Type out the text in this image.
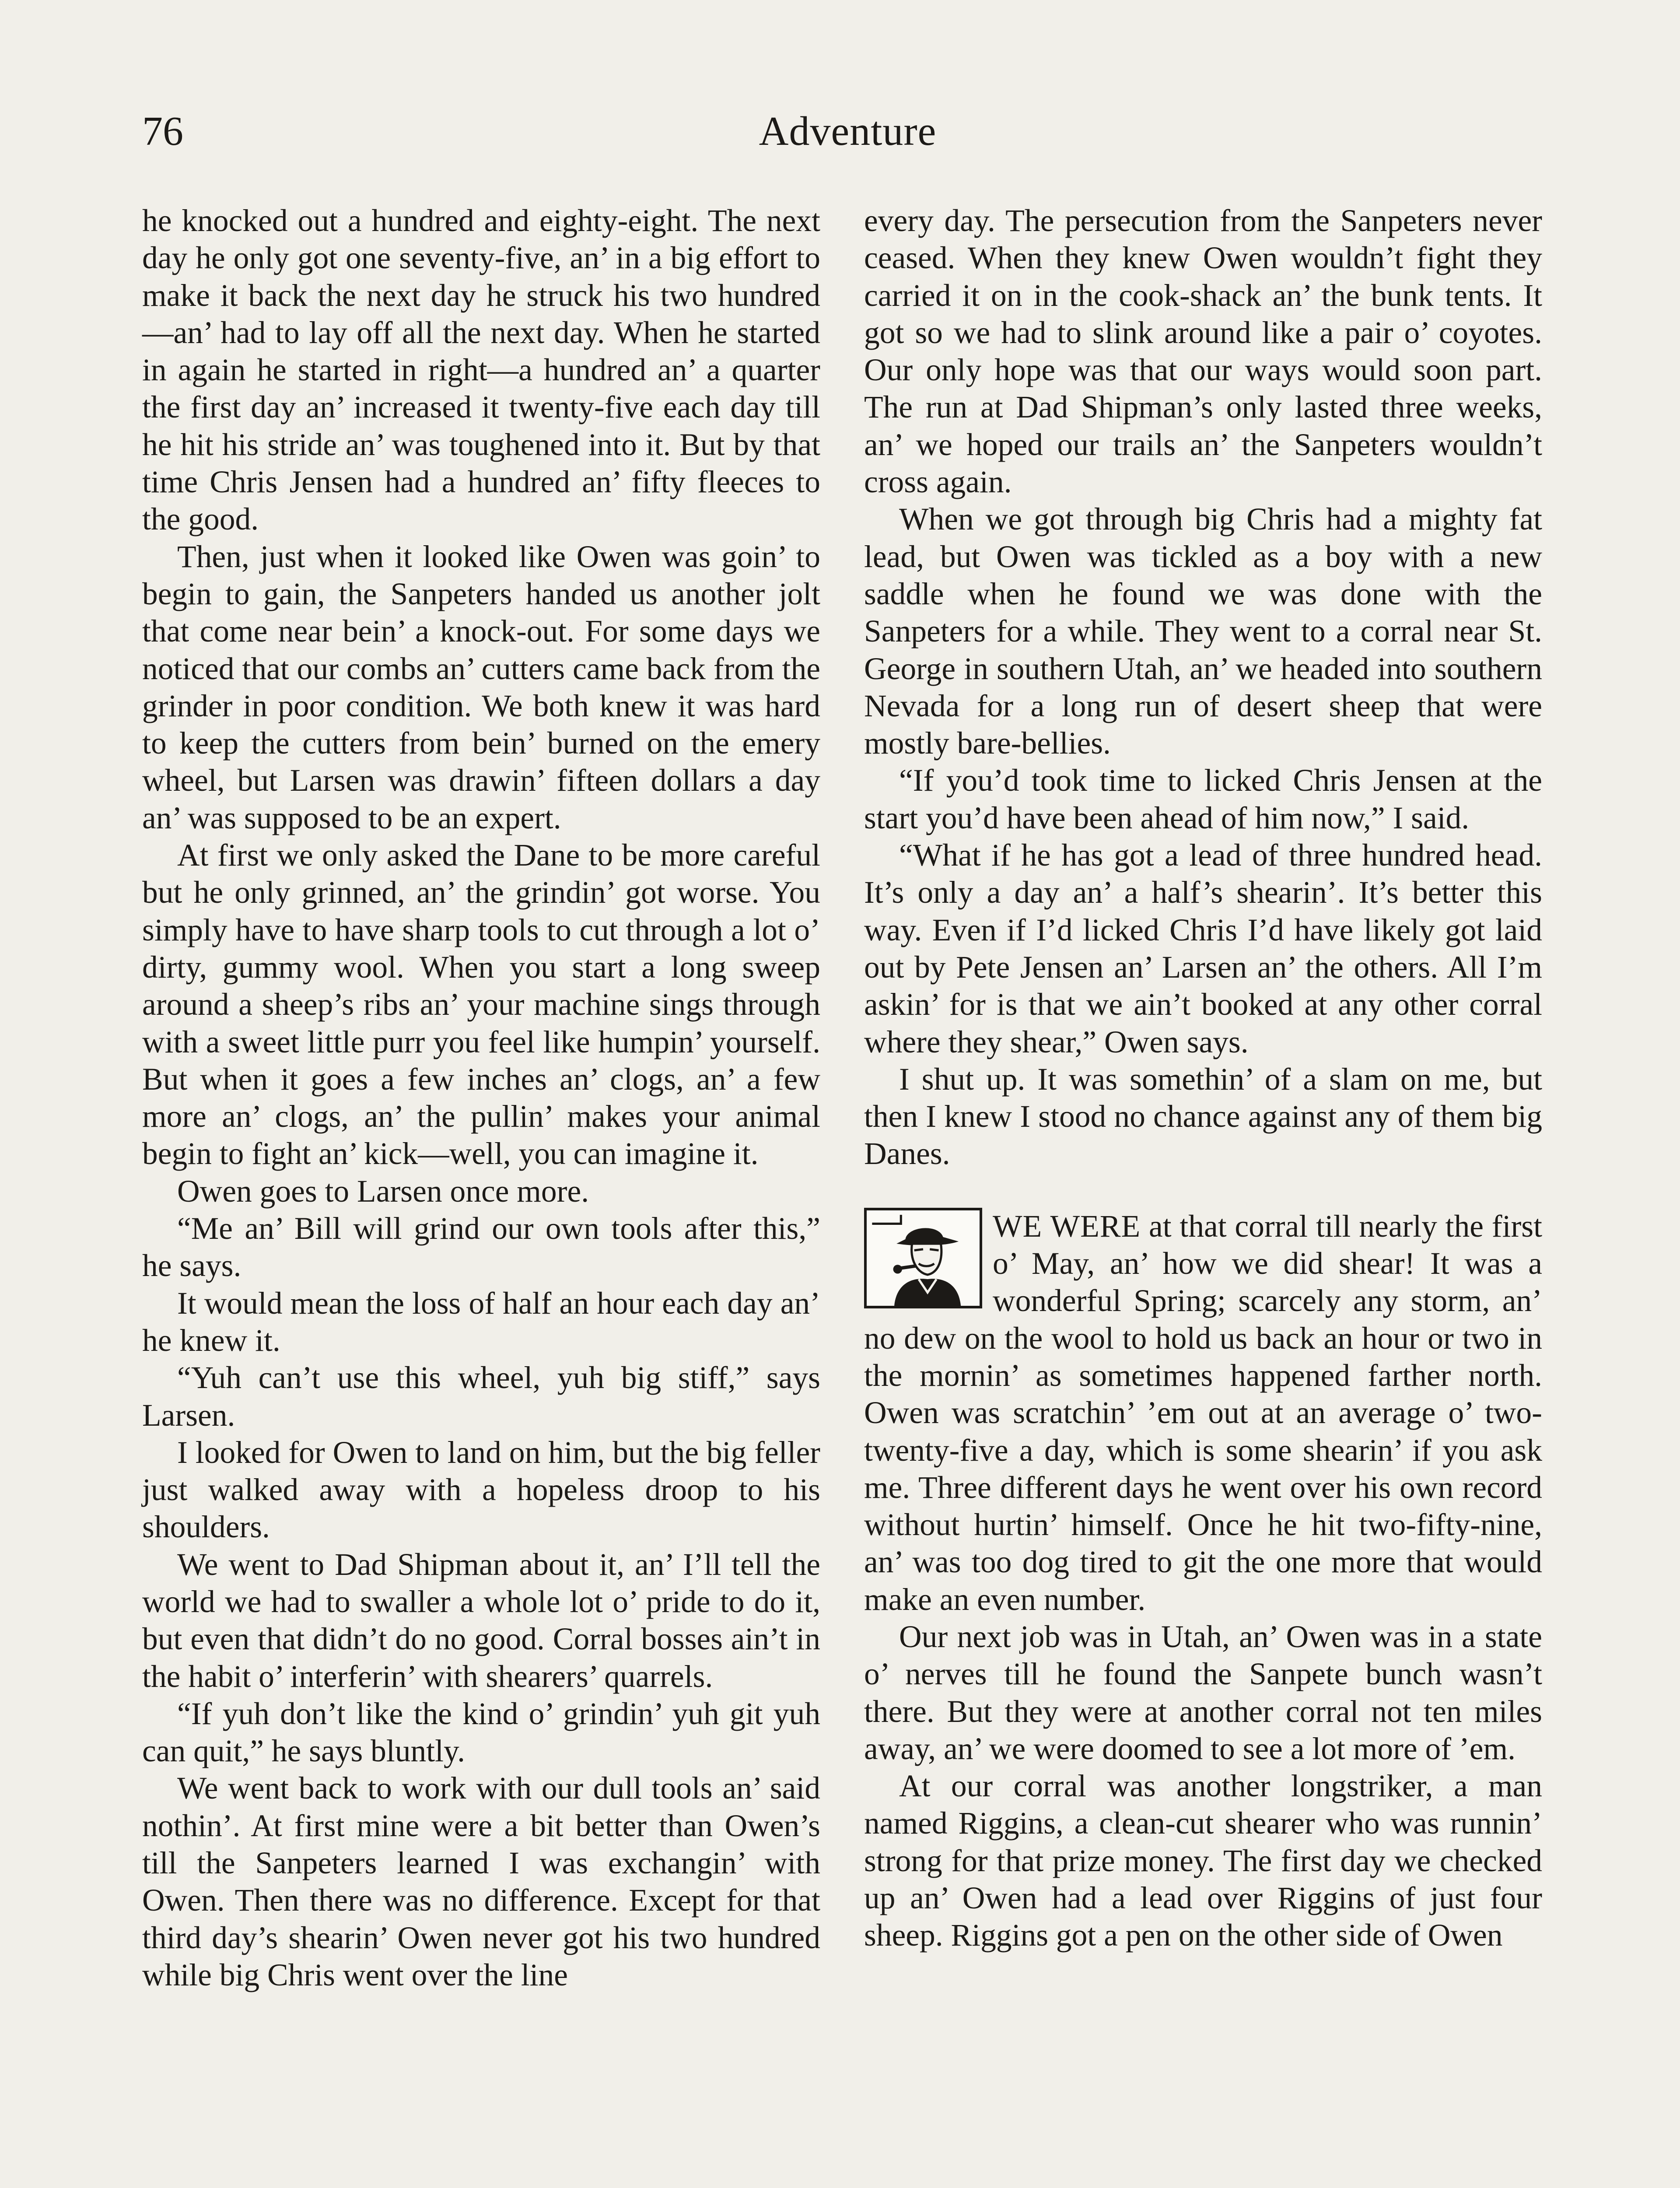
76	Adventure

he knocked out a hundred and eighty-eight. The next day he only got one seventy-five, an’ in a big effort to make it back the next day he struck his two hundred—an’ had to lay off all the next day. When he started in again he started in right—a hundred an’ a quarter the first day an’ increased it twenty-five each day till he hit his stride an’ was toughened into it. But by that time Chris Jensen had a hundred an’ fifty fleeces to the good.

Then, just when it looked like Owen was goin’ to begin to gain, the Sanpeters handed us another jolt that come near bein’ a knock-out. For some days we noticed that our combs an’ cutters came back from the grinder in poor condition. We both knew it was hard to keep the cutters from bein’ burned on the emery wheel, but Larsen was drawin’ fifteen dollars a day an’ was supposed to be an expert.

At first we only asked the Dane to be more careful but he only grinned, an’ the grindin’ got worse. You simply have to have sharp tools to cut through a lot o’ dirty, gummy wool. When you start a long sweep around a sheep’s ribs an’ your machine sings through with a sweet little purr you feel like humpin’ yourself. But when it goes a few inches an’ clogs, an’ a few more an’ clogs, an’ the pullin’ makes your animal begin to fight an’ kick—well, you can imagine it.

Owen goes to Larsen once more.

“Me an’ Bill will grind our own tools after this,” he says.

It would mean the loss of half an hour each day an’ he knew it.

“Yuh can’t use this wheel, yuh big stiff,” says Larsen.

I looked for Owen to land on him, but the big feller just walked away with a hopeless droop to his shoulders.

We went to Dad Shipman about it, an’ I’ll tell the world we had to swaller a whole lot o’ pride to do it, but even that didn’t do no good. Corral bosses ain’t in the habit o’ interferin’ with shearers’ quarrels.

“If yuh don’t like the kind o’ grindin’ yuh git yuh can quit,” he says bluntly.

We went back to work with our dull tools an’ said nothin’. At first mine were a bit better than Owen’s till the Sanpeters learned I was exchangin’ with Owen. Then there was no difference. Except for that third day’s shearin’ Owen never got his two hundred while big Chris went over the line

every day. The persecution from the Sanpeters never ceased. When they knew Owen wouldn’t fight they carried it on in the cook-shack an’ the bunk tents. It got so we had to slink around like a pair o’ coyotes. Our only hope was that our ways would soon part. The run at Dad Shipman’s only lasted three weeks, an’ we hoped our trails an’ the Sanpeters wouldn’t cross again.

When we got through big Chris had a mighty fat lead, but Owen was tickled as a boy with a new saddle when he found we was done with the Sanpeters for a while. They went to a corral near St. George in southern Utah, an’ we headed into southern Nevada for a long run of desert sheep that were mostly bare-bellies.

“If you’d took time to licked Chris Jensen at the start you’d have been ahead of him now,” I said.

“What if he has got a lead of three hundred head. It’s only a day an’ a half’s shearin’. It’s better this way. Even if I’d licked Chris I’d have likely got laid out by Pete Jensen an’ Larsen an’ the others. All I’m askin’ for is that we ain’t booked at any other corral where they shear,” Owen says.

I shut up. It was somethin’ of a slam on me, but then I knew I stood no chance against any of them big Danes.

WE WERE at that corral till nearly the first o’ May, an’ how we did shear! It was a wonderful Spring; scarcely any storm, an’ no dew on the wool to hold us back an hour or two in the mornin’ as sometimes happened farther north. Owen was scratchin’ ’em out at an average o’ two-twenty-five a day, which is some shearin’ if you ask me. Three different days he went over his own record without hurtin’ himself. Once he hit two-fifty-nine, an’ was too dog tired to git the one more that would make an even number.

Our next job was in Utah, an’ Owen was in a state o’ nerves till he found the Sanpete bunch wasn’t there. But they were at another corral not ten miles away, an’ we were doomed to see a lot more of ’em.

At our corral was another longstriker, a man named Riggins, a clean-cut shearer who was runnin’ strong for that prize money. The first day we checked up an’ Owen had a lead over Riggins of just four sheep. Riggins got a pen on the other side of Owen
